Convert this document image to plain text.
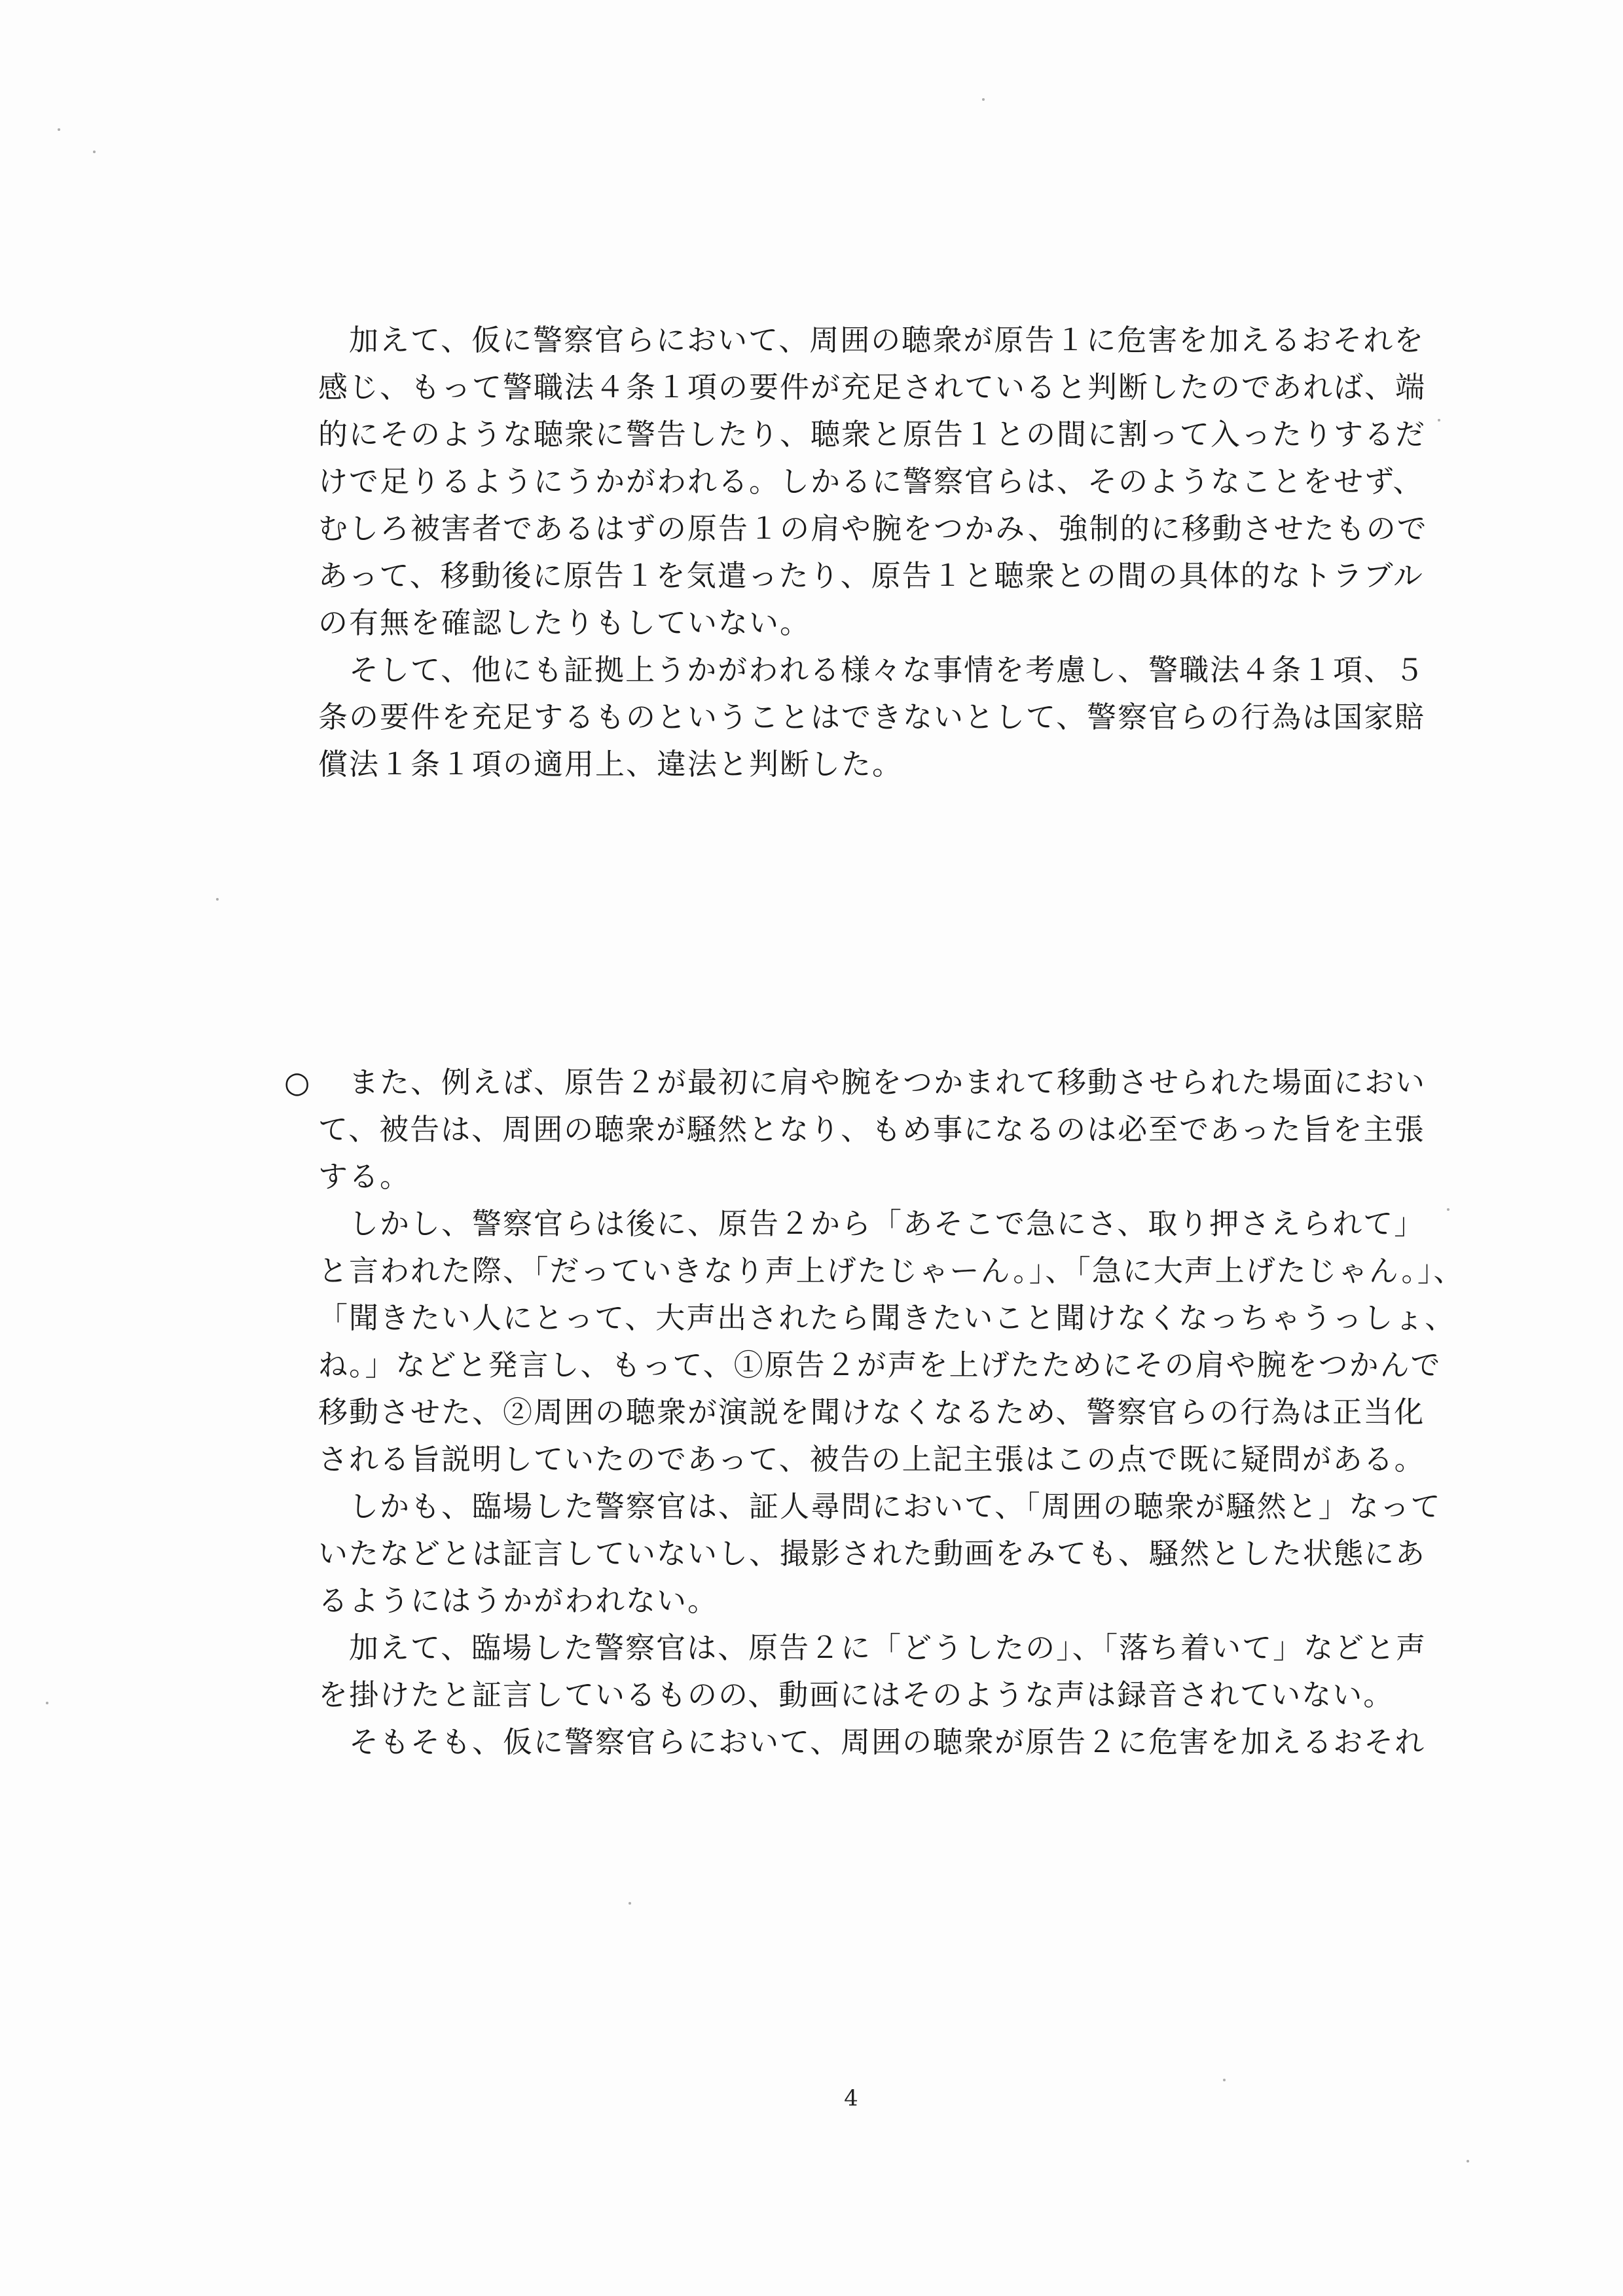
　加えて、仮に警察官らにおいて、周囲の聴衆が原告１に危害を加えるおそれを
感じ、もって警職法４条１項の要件が充足されていると判断したのであれば、端
的にそのような聴衆に警告したり、聴衆と原告１との間に割って入ったりするだ
けで足りるようにうかがわれる。しかるに警察官らは、そのようなことをせず、
むしろ被害者であるはずの原告１の肩や腕をつかみ、強制的に移動させたもので
あって、移動後に原告１を気遣ったり、原告１と聴衆との間の具体的なトラブル
の有無を確認したりもしていない。
　そして、他にも証拠上うかがわれる様々な事情を考慮し、警職法４条１項、５
条の要件を充足するものということはできないとして、警察官らの行為は国家賠
償法１条１項の適用上、違法と判断した。
○ 　また、例えば、原告２が最初に肩や腕をつかまれて移動させられた場面におい
て、被告は、周囲の聴衆が騒然となり、もめ事になるのは必至であった旨を主張
する。
　しかし、警察官らは後に、原告２から「あそこで急にさ、取り押さえられて」
と言われた際、「だっていきなり声上げたじゃーん。」、「急に大声上げたじゃん。」、
「聞きたい人にとって、大声出されたら聞きたいこと聞けなくなっちゃうっしょ、
ね。」などと発言し、もって、①原告２が声を上げたためにその肩や腕をつかんで
移動させた、②周囲の聴衆が演説を聞けなくなるため、警察官らの行為は正当化
される旨説明していたのであって、被告の上記主張はこの点で既に疑問がある。
　しかも、臨場した警察官は、証人尋問において、「周囲の聴衆が騒然と」なって
いたなどとは証言していないし、撮影された動画をみても、騒然とした状態にあ
るようにはうかがわれない。
　加えて、臨場した警察官は、原告２に「どうしたの」、「落ち着いて」などと声
を掛けたと証言しているものの、動画にはそのような声は録音されていない。
　そもそも、仮に警察官らにおいて、周囲の聴衆が原告２に危害を加えるおそれ
4
